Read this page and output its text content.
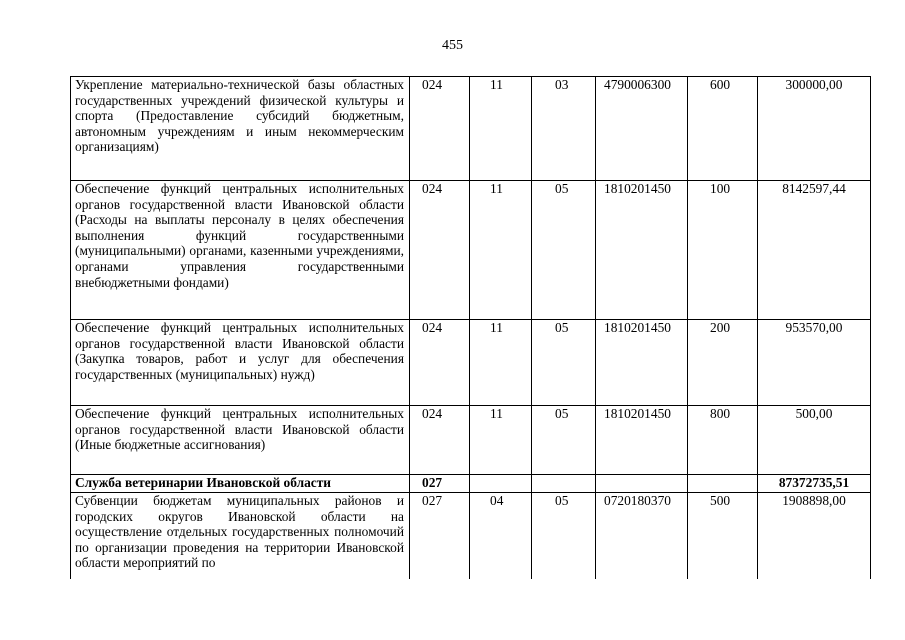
455
Укрепление материально-технической базы областных государственных учреждений физической культуры и спорта (Предоставление субсидий бюджетным, автономным учреждениям и иным некоммерческим организациям)	024	11	03	4790006300	600	300000,00
Обеспечение функций центральных исполнительных органов государственной власти Ивановской области (Расходы на выплаты персоналу в целях обеспечения выполнения функций государственными (муниципальными) органами, казенными учреждениями, органами управления государственными внебюджетными фондами)	024	11	05	1810201450	100	8142597,44
Обеспечение функций центральных исполнительных органов государственной власти Ивановской области (Закупка товаров, работ и услуг для обеспечения государственных (муниципальных) нужд)	024	11	05	1810201450	200	953570,00
Обеспечение функций центральных исполнительных органов государственной власти Ивановской области (Иные бюджетные ассигнования)	024	11	05	1810201450	800	500,00
Служба ветеринарии Ивановской области	027					87372735,51
Субвенции бюджетам муниципальных районов и городских округов Ивановской области на осуществление отдельных государственных полномочий по организации проведения на территории Ивановской области мероприятий по	027	04	05	0720180370	500	1908898,00
